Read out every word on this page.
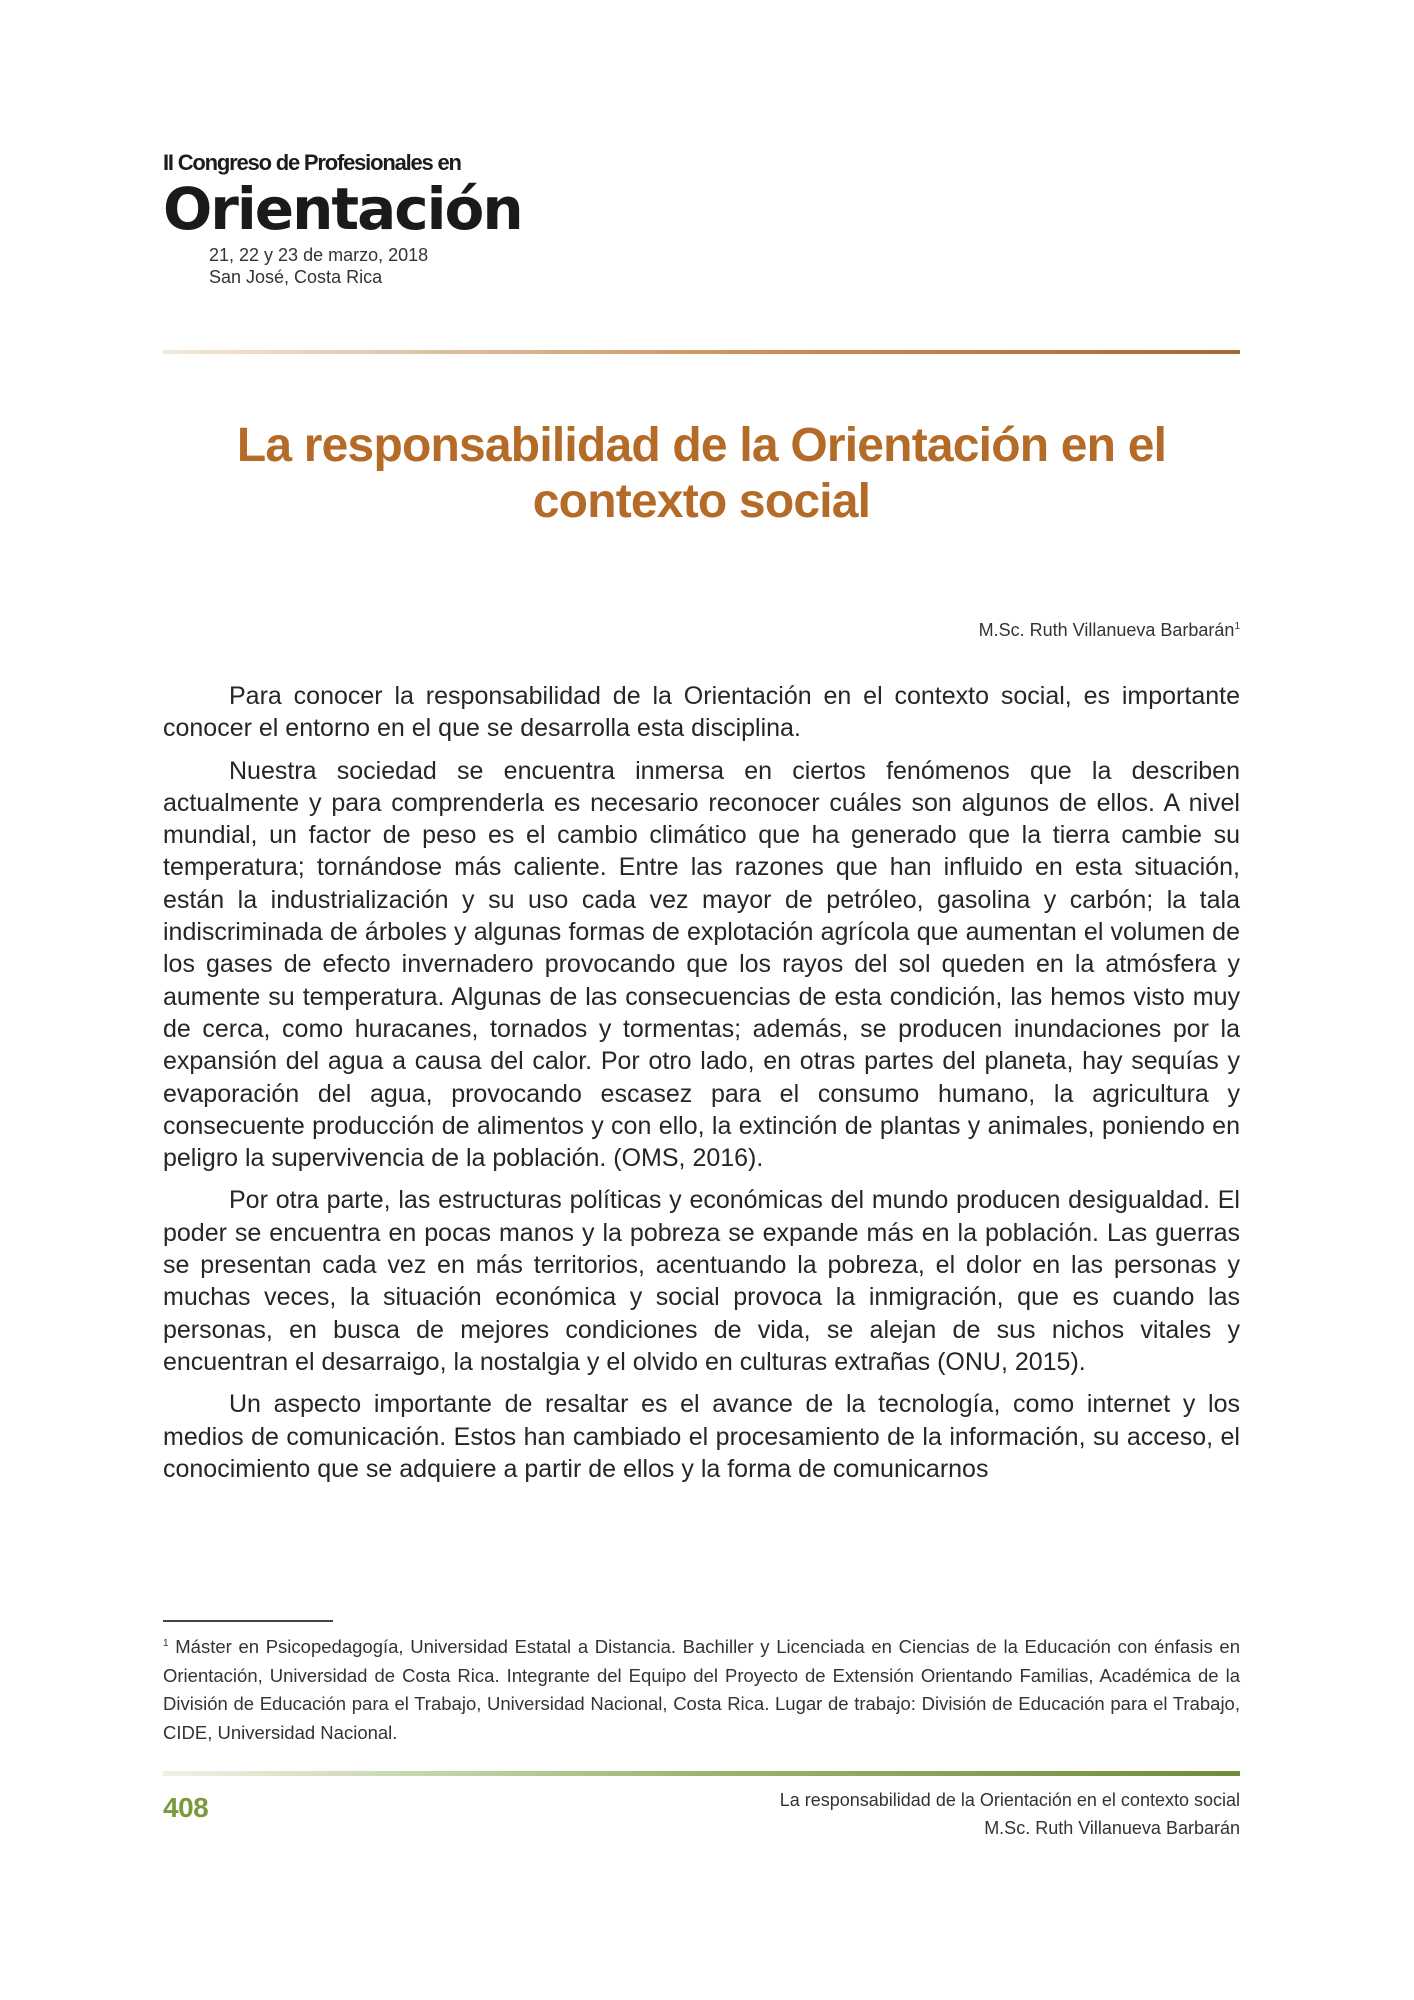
II Congreso de Profesionales en
Orientación
21, 22 y 23 de marzo, 2018
San José, Costa Rica
La responsabilidad de la Orientación en el
contexto social
M.Sc. Ruth Villanueva Barbarán$^1$

Para conocer la responsabilidad de la Orientación en el contexto social, es importante conocer el entorno en el que se desarrolla esta disciplina.

Nuestra sociedad se encuentra inmersa en ciertos fenómenos que la describen actualmente y para comprenderla es necesario reconocer cuáles son algunos de ellos. A nivel mundial, un factor de peso es el cambio climático que ha generado que la tierra cambie su temperatura; tornándose más caliente. Entre las razones que han influido en esta situación, están la industrialización y su uso cada vez mayor de petróleo, gasolina y carbón; la tala indiscriminada de árboles y algunas formas de explotación agrícola que aumentan el volumen de los gases de efecto invernadero provocando que los rayos del sol queden en la atmósfera y aumente su temperatura. Algunas de las consecuencias de esta condición, las hemos visto muy de cerca, como huracanes, tornados y tormentas; además, se producen inundaciones por la expansión del agua a causa del calor. Por otro lado, en otras partes del planeta, hay sequías y evaporación del agua, provocando escasez para el consumo humano, la agricultura y consecuente producción de alimentos y con ello, la extinción de plantas y animales, poniendo en peligro la supervivencia de la población. (OMS, 2016).

Por otra parte, las estructuras políticas y económicas del mundo producen desigualdad. El poder se encuentra en pocas manos y la pobreza se expande más en la población. Las guerras se presentan cada vez en más territorios, acentuando la pobreza, el dolor en las personas y muchas veces, la situación económica y social provoca la inmigración, que es cuando las personas, en busca de mejores condiciones de vida, se alejan de sus nichos vitales y encuentran el desarraigo, la nostalgia y el olvido en culturas extrañas (ONU, 2015).

Un aspecto importante de resaltar es el avance de la tecnología, como internet y los medios de comunicación. Estos han cambiado el procesamiento de la información, su acceso, el conocimiento que se adquiere a partir de ellos y la forma de comunicarnos

$^1$ Máster en Psicopedagogía, Universidad Estatal a Distancia. Bachiller y Licenciada en Ciencias de la Educación con énfasis en Orientación, Universidad de Costa Rica. Integrante del Equipo del Proyecto de Extensión Orientando Familias, Académica de la División de Educación para el Trabajo, Universidad Nacional, Costa Rica. Lugar de trabajo: División de Educación para el Trabajo, CIDE, Universidad Nacional.
408	La responsabilidad de la Orientación en el contexto social
M.Sc. Ruth Villanueva Barbarán
